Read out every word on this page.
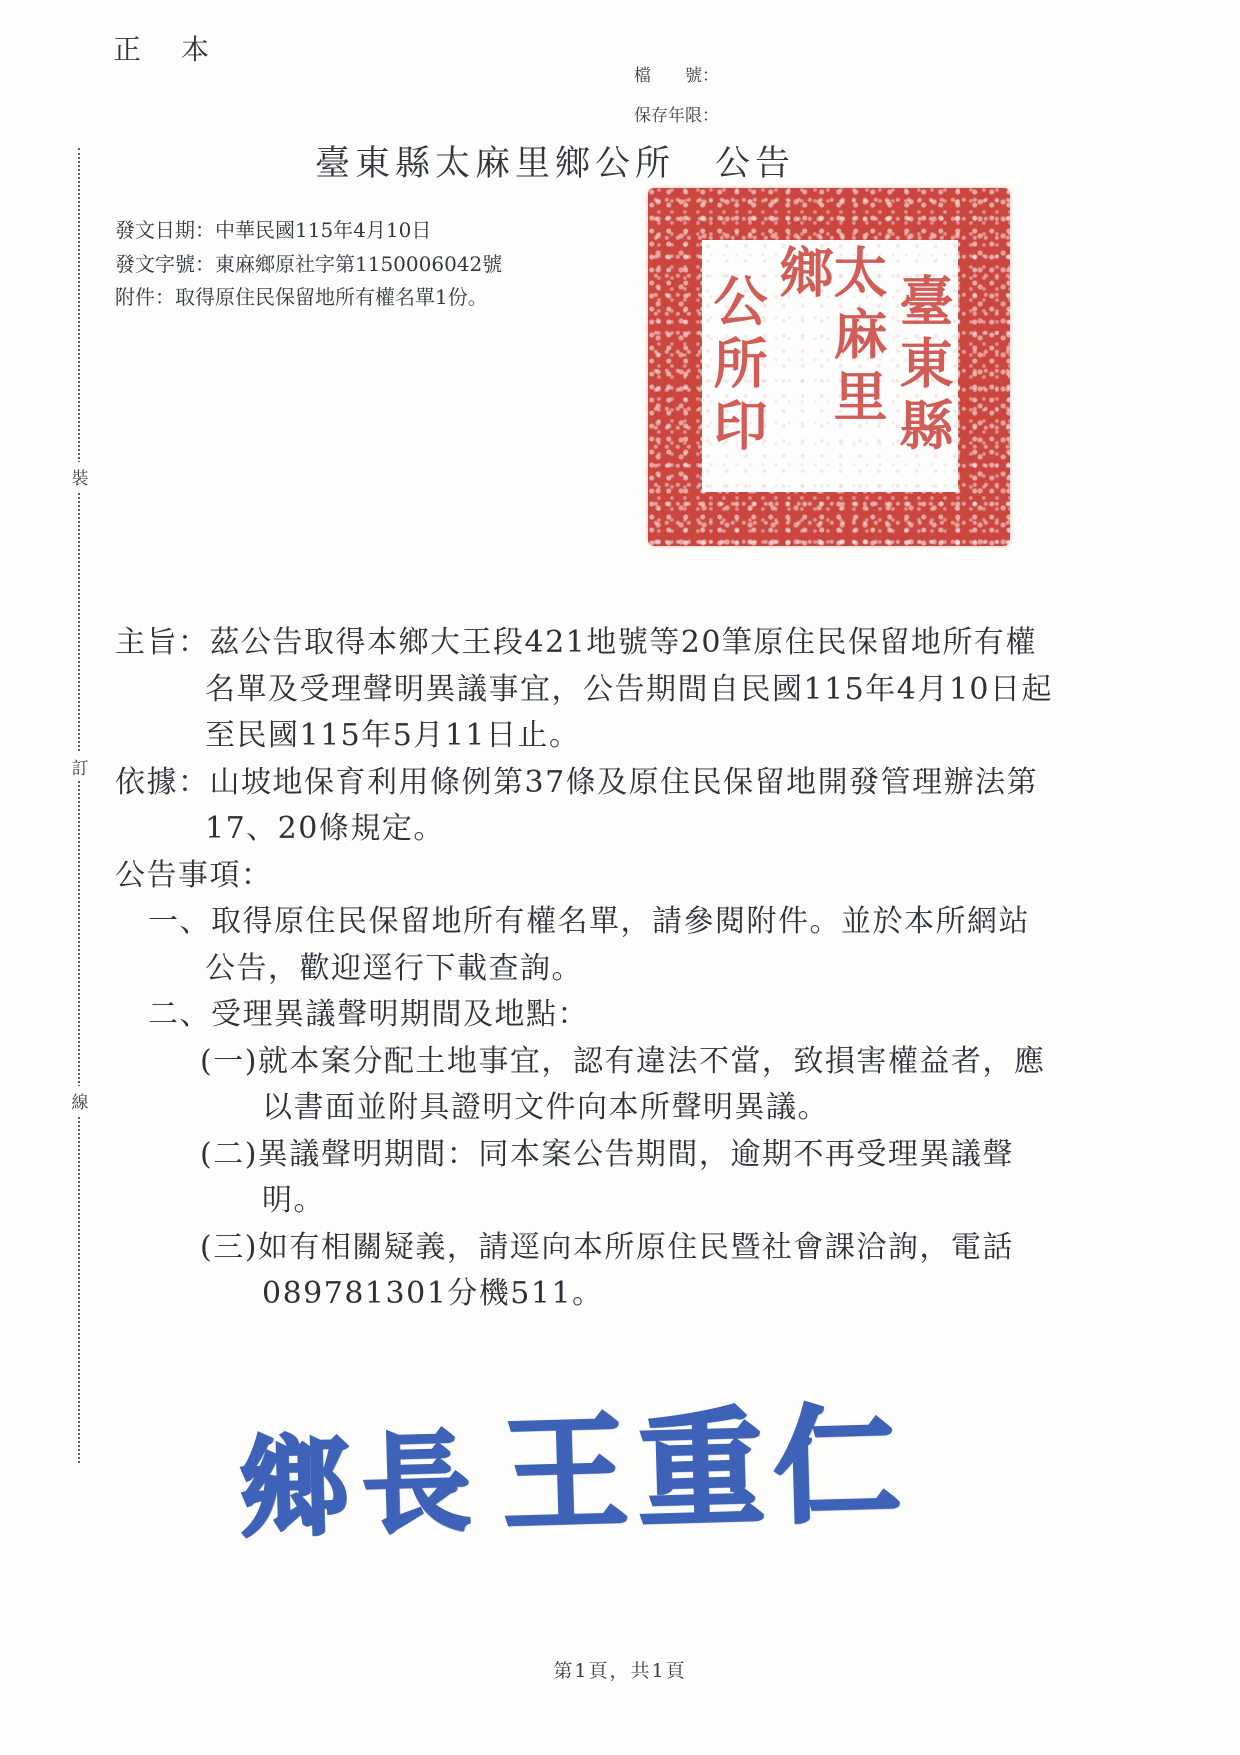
正　本
檔　　號：
保存年限：
臺東縣太麻里鄉公所　公告
發文日期：中華民國115年4月10日
發文字號：東麻鄉原社字第1150006042號
附件：取得原住民保留地所有權名單1份。	臺東縣
太麻里鄉
公所印
主旨：茲公告取得本鄉大王段421地號等20筆原住民保留地所有權
名單及受理聲明異議事宜，公告期間自民國115年4月10日起
至民國115年5月11日止。
依據：山坡地保育利用條例第37條及原住民保留地開發管理辦法第
17、20條規定。
公告事項：
一、取得原住民保留地所有權名單，請參閱附件。並於本所網站
公告，歡迎逕行下載查詢。
二、受理異議聲明期間及地點：
(一)就本案分配土地事宜，認有違法不當，致損害權益者，應
以書面並附具證明文件向本所聲明異議。
(二)異議聲明期間：同本案公告期間，逾期不再受理異議聲
明。
(三)如有相關疑義，請逕向本所原住民暨社會課洽詢，電話
089781301分機511。
鄉長 王重仁
裝
訂
線
第1頁，共1頁
